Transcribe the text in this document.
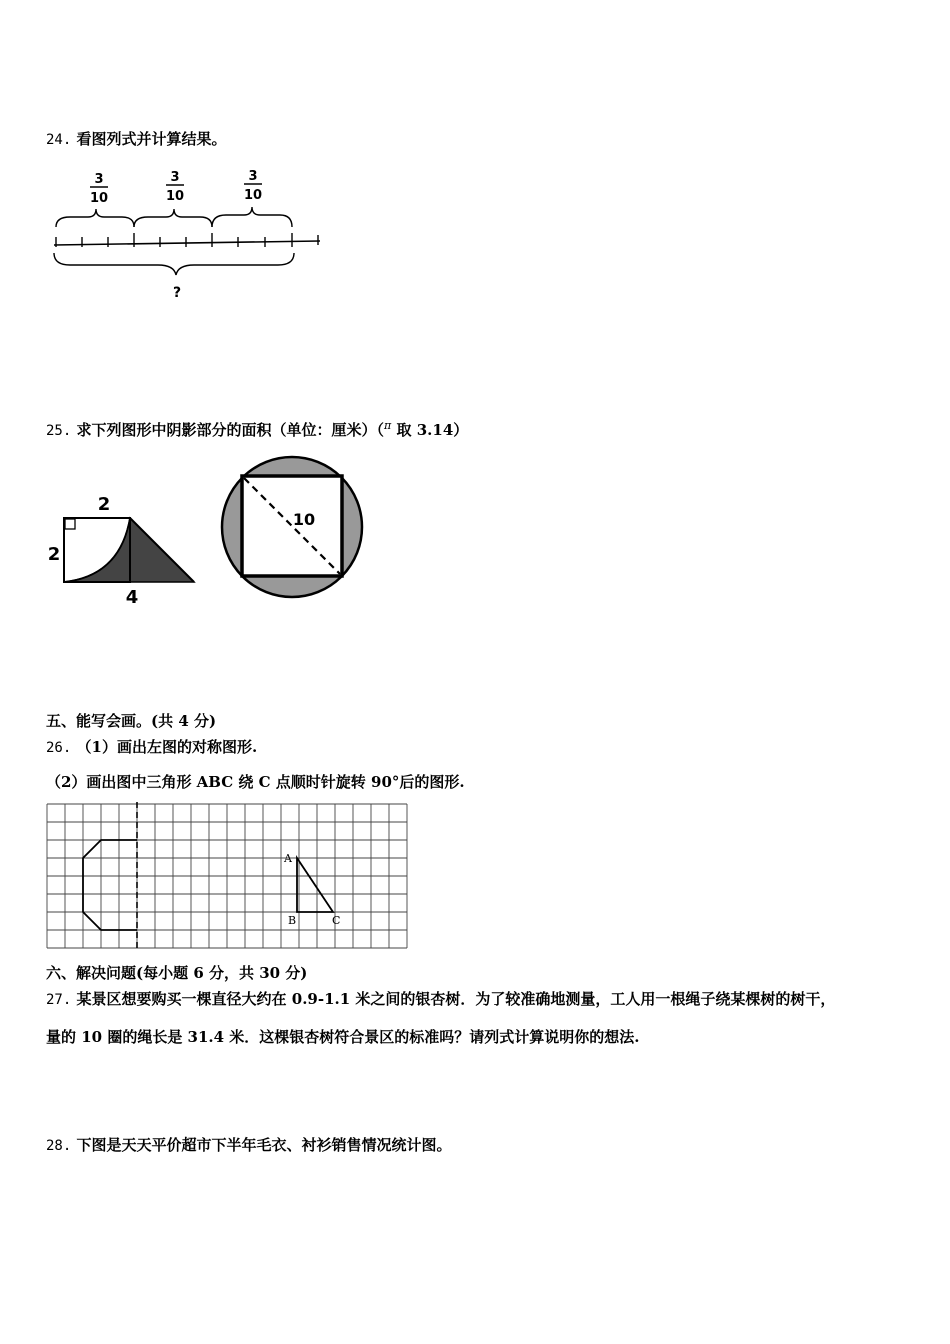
24. 看图列式并计算结果。
3
10
3
10
3
10
?
25. 求下列图形中阴影部分的面积（单位：厘米）（$^\pi$ 取 3.14）
2
2
4
10
五、能写会画。(共 4 分)
26. （1）画出左图的对称图形.
（2）画出图中三角形 ABC 绕 C 点顺时针旋转 90°后的图形.
A
B	C
六、解决问题(每小题 6 分，共 30 分)
27. 某景区想要购买一棵直径大约在 0.9-1.1 米之间的银杏树．为了较准确地测量，工人用一根绳子绕某棵树的树干，
量的 10 圈的绳长是 31.4 米．这棵银杏树符合景区的标准吗？请列式计算说明你的想法.
28. 下图是天天平价超市下半年毛衣、衬衫销售情况统计图。
